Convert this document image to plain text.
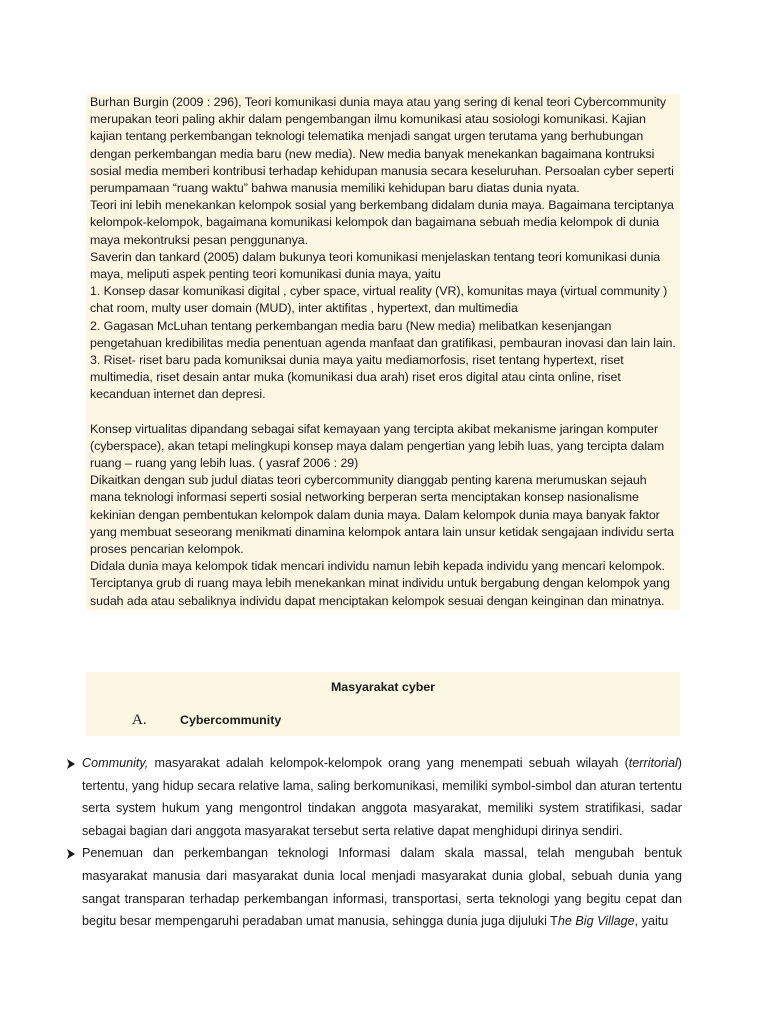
Burhan Burgin (2009 : 296), Teori komunikasi dunia maya atau yang sering di kenal teori Cybercommunity merupakan teori paling akhir dalam pengembangan ilmu komunikasi atau sosiologi komunikasi. Kajian kajian tentang perkembangan teknologi telematika menjadi sangat urgen terutama yang berhubungan dengan perkembangan media baru (new media). New media banyak menekankan bagaimana kontruksi sosial media memberi kontribusi terhadap kehidupan manusia secara keseluruhan. Persoalan cyber seperti perumpamaan “ruang waktu” bahwa manusia memiliki kehidupan baru diatas dunia nyata.

Teori ini lebih menekankan kelompok sosial yang berkembang didalam dunia maya. Bagaimana terciptanya kelompok-kelompok, bagaimana komunikasi kelompok dan bagaimana sebuah media kelompok di dunia maya mekontruksi pesan penggunanya.

Saverin dan tankard (2005) dalam bukunya teori komunikasi menjelaskan tentang teori komunikasi dunia maya, meliputi aspek penting teori komunikasi dunia maya, yaitu

1. Konsep dasar komunikasi digital , cyber space, virtual reality (VR), komunitas maya (virtual community ) chat room, multy user domain (MUD), inter aktifitas , hypertext, dan multimedia

2. Gagasan McLuhan tentang perkembangan media baru (New media) melibatkan kesenjangan pengetahuan kredibilitas media penentuan agenda manfaat dan gratifikasi, pembauran inovasi dan lain lain.

3. Riset- riset baru pada komuniksai dunia maya yaitu mediamorfosis, riset tentang hypertext, riset multimedia, riset desain antar muka (komunikasi dua arah) riset eros digital atau cinta online, riset kecanduan internet dan depresi.

Konsep virtualitas dipandang sebagai sifat kemayaan yang tercipta akibat mekanisme jaringan komputer (cyberspace), akan tetapi melingkupi konsep maya dalam pengertian yang lebih luas, yang tercipta dalam ruang – ruang yang lebih luas. ( yasraf 2006 : 29)

Dikaitkan dengan sub judul diatas teori cybercommunity dianggab penting karena merumuskan sejauh mana teknologi informasi seperti sosial networking berperan serta menciptakan konsep nasionalisme kekinian dengan pembentukan kelompok dalam dunia maya. Dalam kelompok dunia maya banyak faktor yang membuat seseorang menikmati dinamina kelompok antara lain unsur ketidak sengajaan individu serta proses pencarian kelompok.

Didala dunia maya kelompok tidak mencari individu namun lebih kepada individu yang mencari kelompok. Terciptanya grub di ruang maya lebih menekankan minat individu untuk bergabung dengan kelompok yang sudah ada atau sebaliknya individu dapat menciptakan kelompok sesuai dengan keinginan dan minatnya.

Masyarakat cyber
A.	Cybercommunity
Community, masyarakat adalah kelompok-kelompok orang yang menempati sebuah wilayah (territorial) tertentu, yang hidup secara relative lama, saling berkomunikasi, memiliki symbol-simbol dan aturan tertentu serta system hukum yang mengontrol tindakan anggota masyarakat, memiliki system stratifikasi, sadar sebagai bagian dari anggota masyarakat tersebut serta relative dapat menghidupi dirinya sendiri.
Penemuan dan perkembangan teknologi Informasi dalam skala massal, telah mengubah bentuk masyarakat manusia dari masyarakat dunia local menjadi masyarakat dunia global, sebuah dunia yang sangat transparan terhadap perkembangan informasi, transportasi, serta teknologi yang begitu cepat dan begitu besar mempengaruhi peradaban umat manusia, sehingga dunia juga dijuluki The Big Village, yaitu
